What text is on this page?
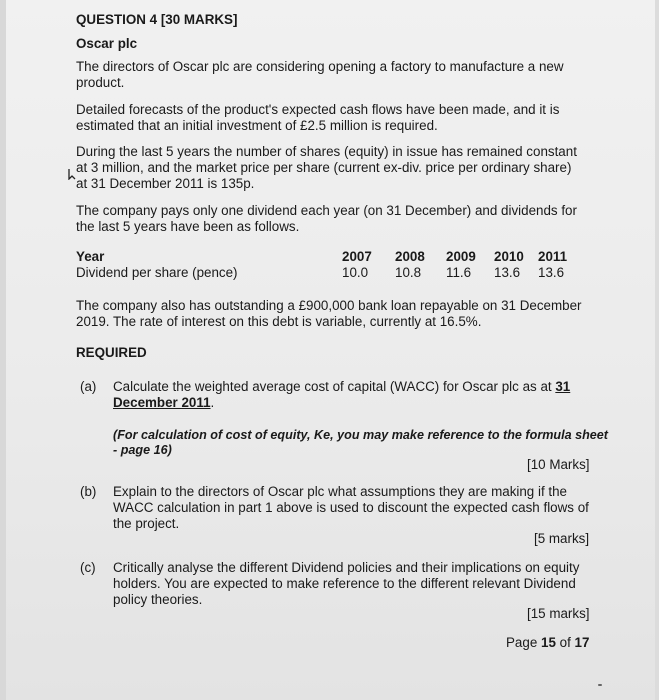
QUESTION 4 [30 MARKS]
Oscar plc
The directors of Oscar plc are considering opening a factory to manufacture a new
product.
Detailed forecasts of the product's expected cash flows have been made, and it is
estimated that an initial investment of £2.5 million is required.
During the last 5 years the number of shares (equity) in issue has remained constant
at 3 million, and the market price per share (current ex-div. price per ordinary share)
at 31 December 2011 is 135p.
The company pays only one dividend each year (on 31 December) and dividends for
the last 5 years have been as follows.
Year
Dividend per share (pence)
2007 2008 2009 2010 2011
10.0 10.8 11.6 13.6 13.6
The company also has outstanding a £900,000 bank loan repayable on 31 December
2019. The rate of interest on this debt is variable, currently at 16.5%.
REQUIRED
(a) Calculate the weighted average cost of capital (WACC) for Oscar plc as at 31
December 2011.
(For calculation of cost of equity, Ke, you may make reference to the formula sheet
- page 16)
[10 Marks]
(b) Explain to the directors of Oscar plc what assumptions they are making if the
WACC calculation in part 1 above is used to discount the expected cash flows of
the project.
[5 marks]
(c) Critically analyse the different Dividend policies and their implications on equity
holders. You are expected to make reference to the different relevant Dividend
policy theories.
[15 marks]
Page 15 of 17
